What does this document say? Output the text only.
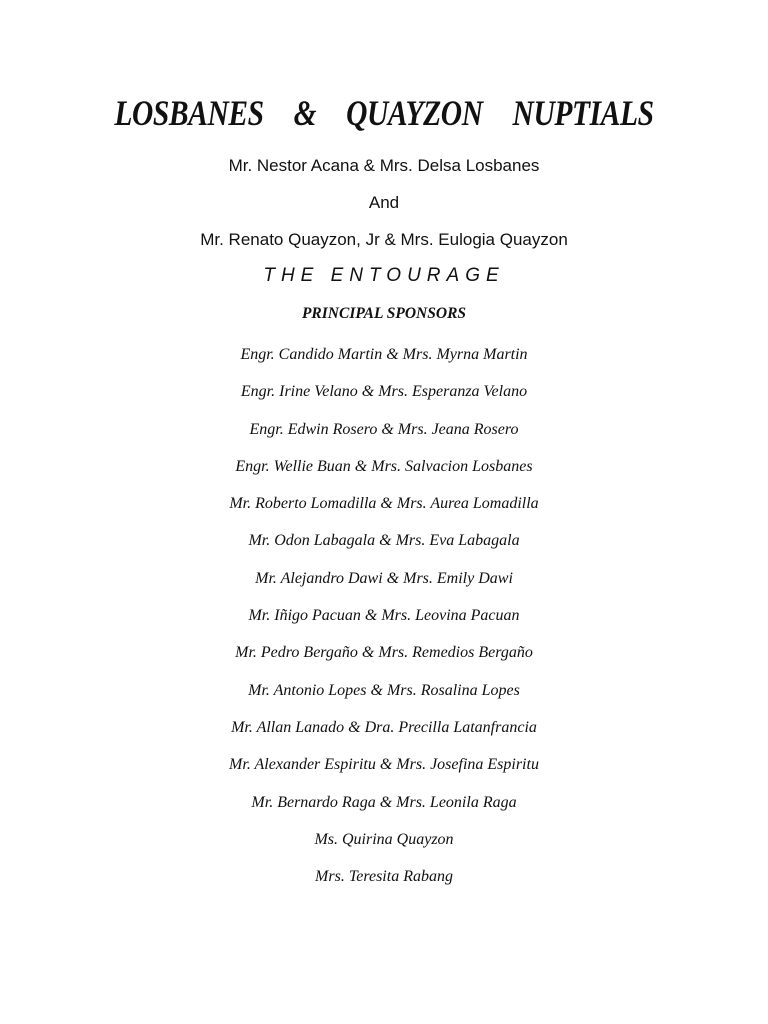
LOSBANES & QUAYZON NUPTIALS
Mr. Nestor Acana & Mrs. Delsa Losbanes
And
Mr. Renato Quayzon, Jr & Mrs. Eulogia Quayzon
THE ENTOURAGE
PRINCIPAL SPONSORS
Engr. Candido Martin & Mrs. Myrna Martin
Engr. Irine Velano & Mrs. Esperanza Velano
Engr. Edwin Rosero & Mrs. Jeana Rosero
Engr. Wellie Buan & Mrs. Salvacion Losbanes
Mr. Roberto Lomadilla & Mrs. Aurea Lomadilla
Mr. Odon Labagala & Mrs. Eva Labagala
Mr. Alejandro Dawi & Mrs. Emily Dawi
Mr. Iñigo Pacuan & Mrs. Leovina Pacuan
Mr. Pedro Bergaño & Mrs. Remedios Bergaño
Mr. Antonio Lopes & Mrs. Rosalina Lopes
Mr. Allan Lanado & Dra. Precilla Latanfrancia
Mr. Alexander Espiritu & Mrs. Josefina Espiritu
Mr. Bernardo Raga & Mrs. Leonila Raga
Ms. Quirina Quayzon
Mrs. Teresita Rabang
